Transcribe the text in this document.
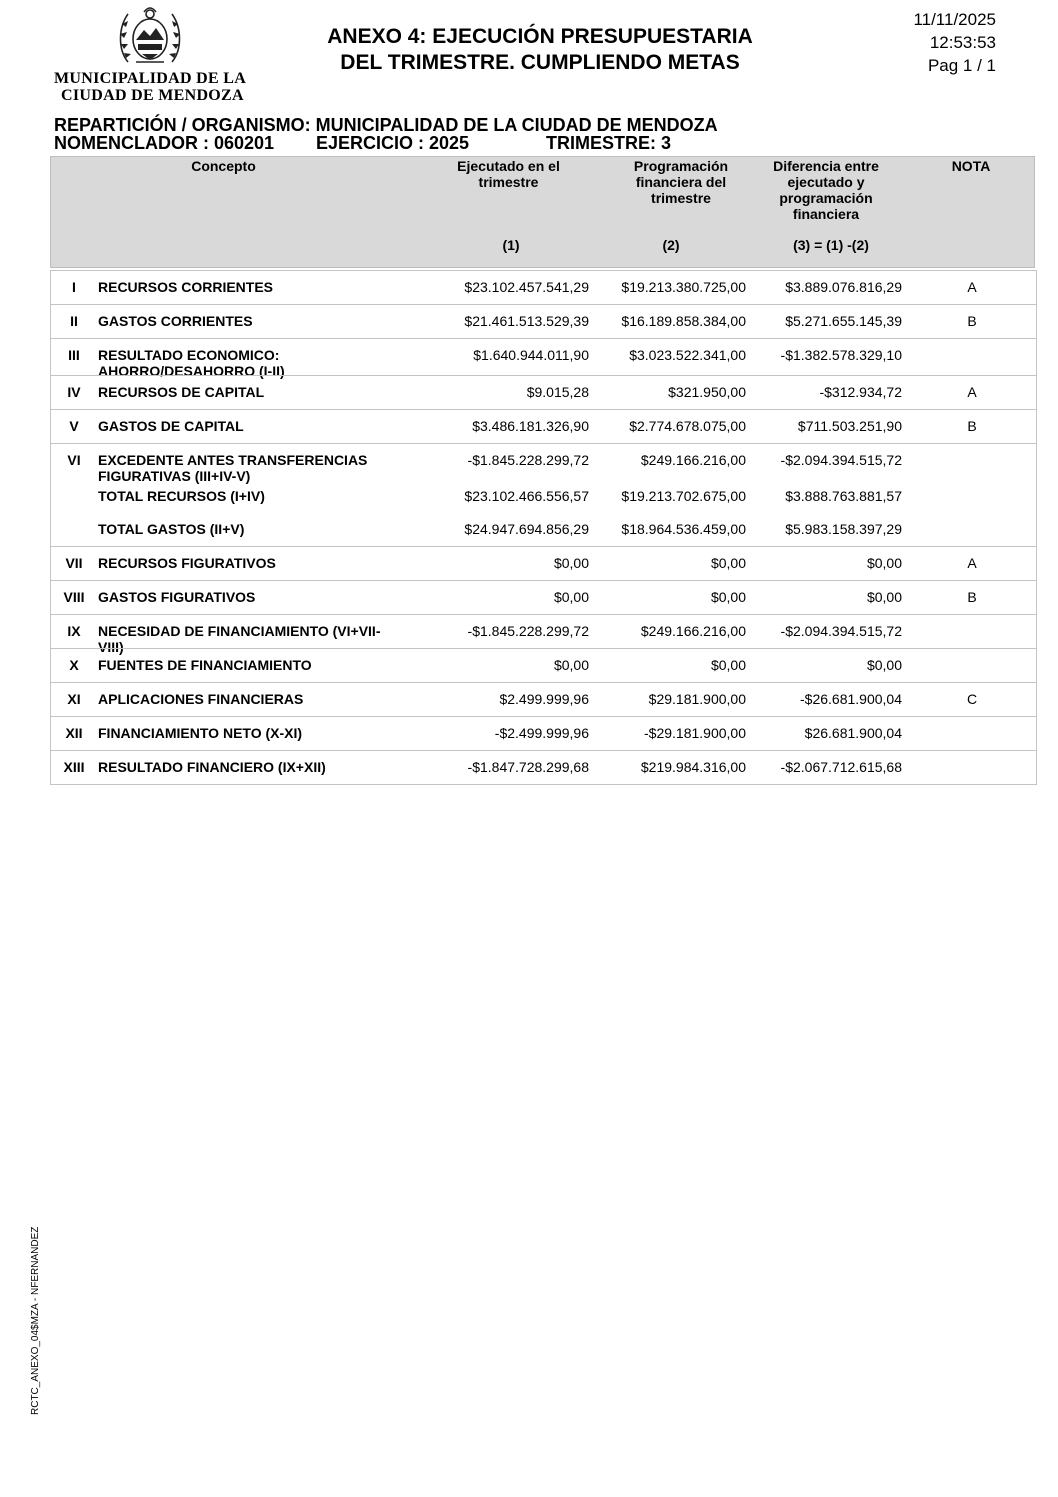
MUNICIPALIDAD DE LA
CIUDAD DE MENDOZA
ANEXO 4: EJECUCIÓN PRESUPUESTARIA
DEL TRIMESTRE. CUMPLIENDO METAS
11/11/2025
12:53:53
Pag 1 / 1
REPARTICIÓN / ORGANISMO: MUNICIPALIDAD DE LA CIUDAD DE MENDOZA
NOMENCLADOR : 060201 EJERCICIO : 2025	TRIMESTRE: 3
Concepto	Ejecutado en el
trimestre
Programación
financiera del
trimestre
Diferencia entre
ejecutado y
programación
financiera
NOTA
(1)	(2)	(3) = (1) -(2)
I	RECURSOS CORRIENTES	$23.102.457.541,29 $19.213.380.725,00	$3.889.076.816,29	A
II	GASTOS CORRIENTES	$21.461.513.529,39 $16.189.858.384,00	$5.271.655.145,39	B
III	RESULTADO ECONOMICO:
AHORRO/DESAHORRO (I-II)
$1.640.944.011,90	$3.023.522.341,00 -$1.382.578.329,10
IV	RECURSOS DE CAPITAL	$9.015,28	$321.950,00	-$312.934,72	A
V	GASTOS DE CAPITAL	$3.486.181.326,90	$2.774.678.075,00	$711.503.251,90	B
VI	EXCEDENTE ANTES TRANSFERENCIAS
FIGURATIVAS (III+IV-V)
-$1.845.228.299,72	$249.166.216,00 -$2.094.394.515,72
TOTAL RECURSOS (I+IV)	$23.102.466.556,57 $19.213.702.675,00	$3.888.763.881,57
TOTAL GASTOS (II+V)	$24.947.694.856,29 $18.964.536.459,00	$5.983.158.397,29
VII	RECURSOS FIGURATIVOS	$0,00	$0,00	$0,00	A
VIII GASTOS FIGURATIVOS	$0,00	$0,00	$0,00	B
IX	NECESIDAD DE FINANCIAMIENTO (VI+VII-
VIII)
-$1.845.228.299,72	$249.166.216,00 -$2.094.394.515,72
X	FUENTES DE FINANCIAMIENTO	$0,00	$0,00	$0,00
XI	APLICACIONES FINANCIERAS	$2.499.999,96	$29.181.900,00	-$26.681.900,04	C
XII	FINANCIAMIENTO NETO (X-XI)	-$2.499.999,96	-$29.181.900,00	$26.681.900,04
XIII RESULTADO FINANCIERO (IX+XII)	-$1.847.728.299,68	$219.984.316,00 -$2.067.712.615,68
RCTC_ANEXO_04$MZA - NFERNANDEZ
